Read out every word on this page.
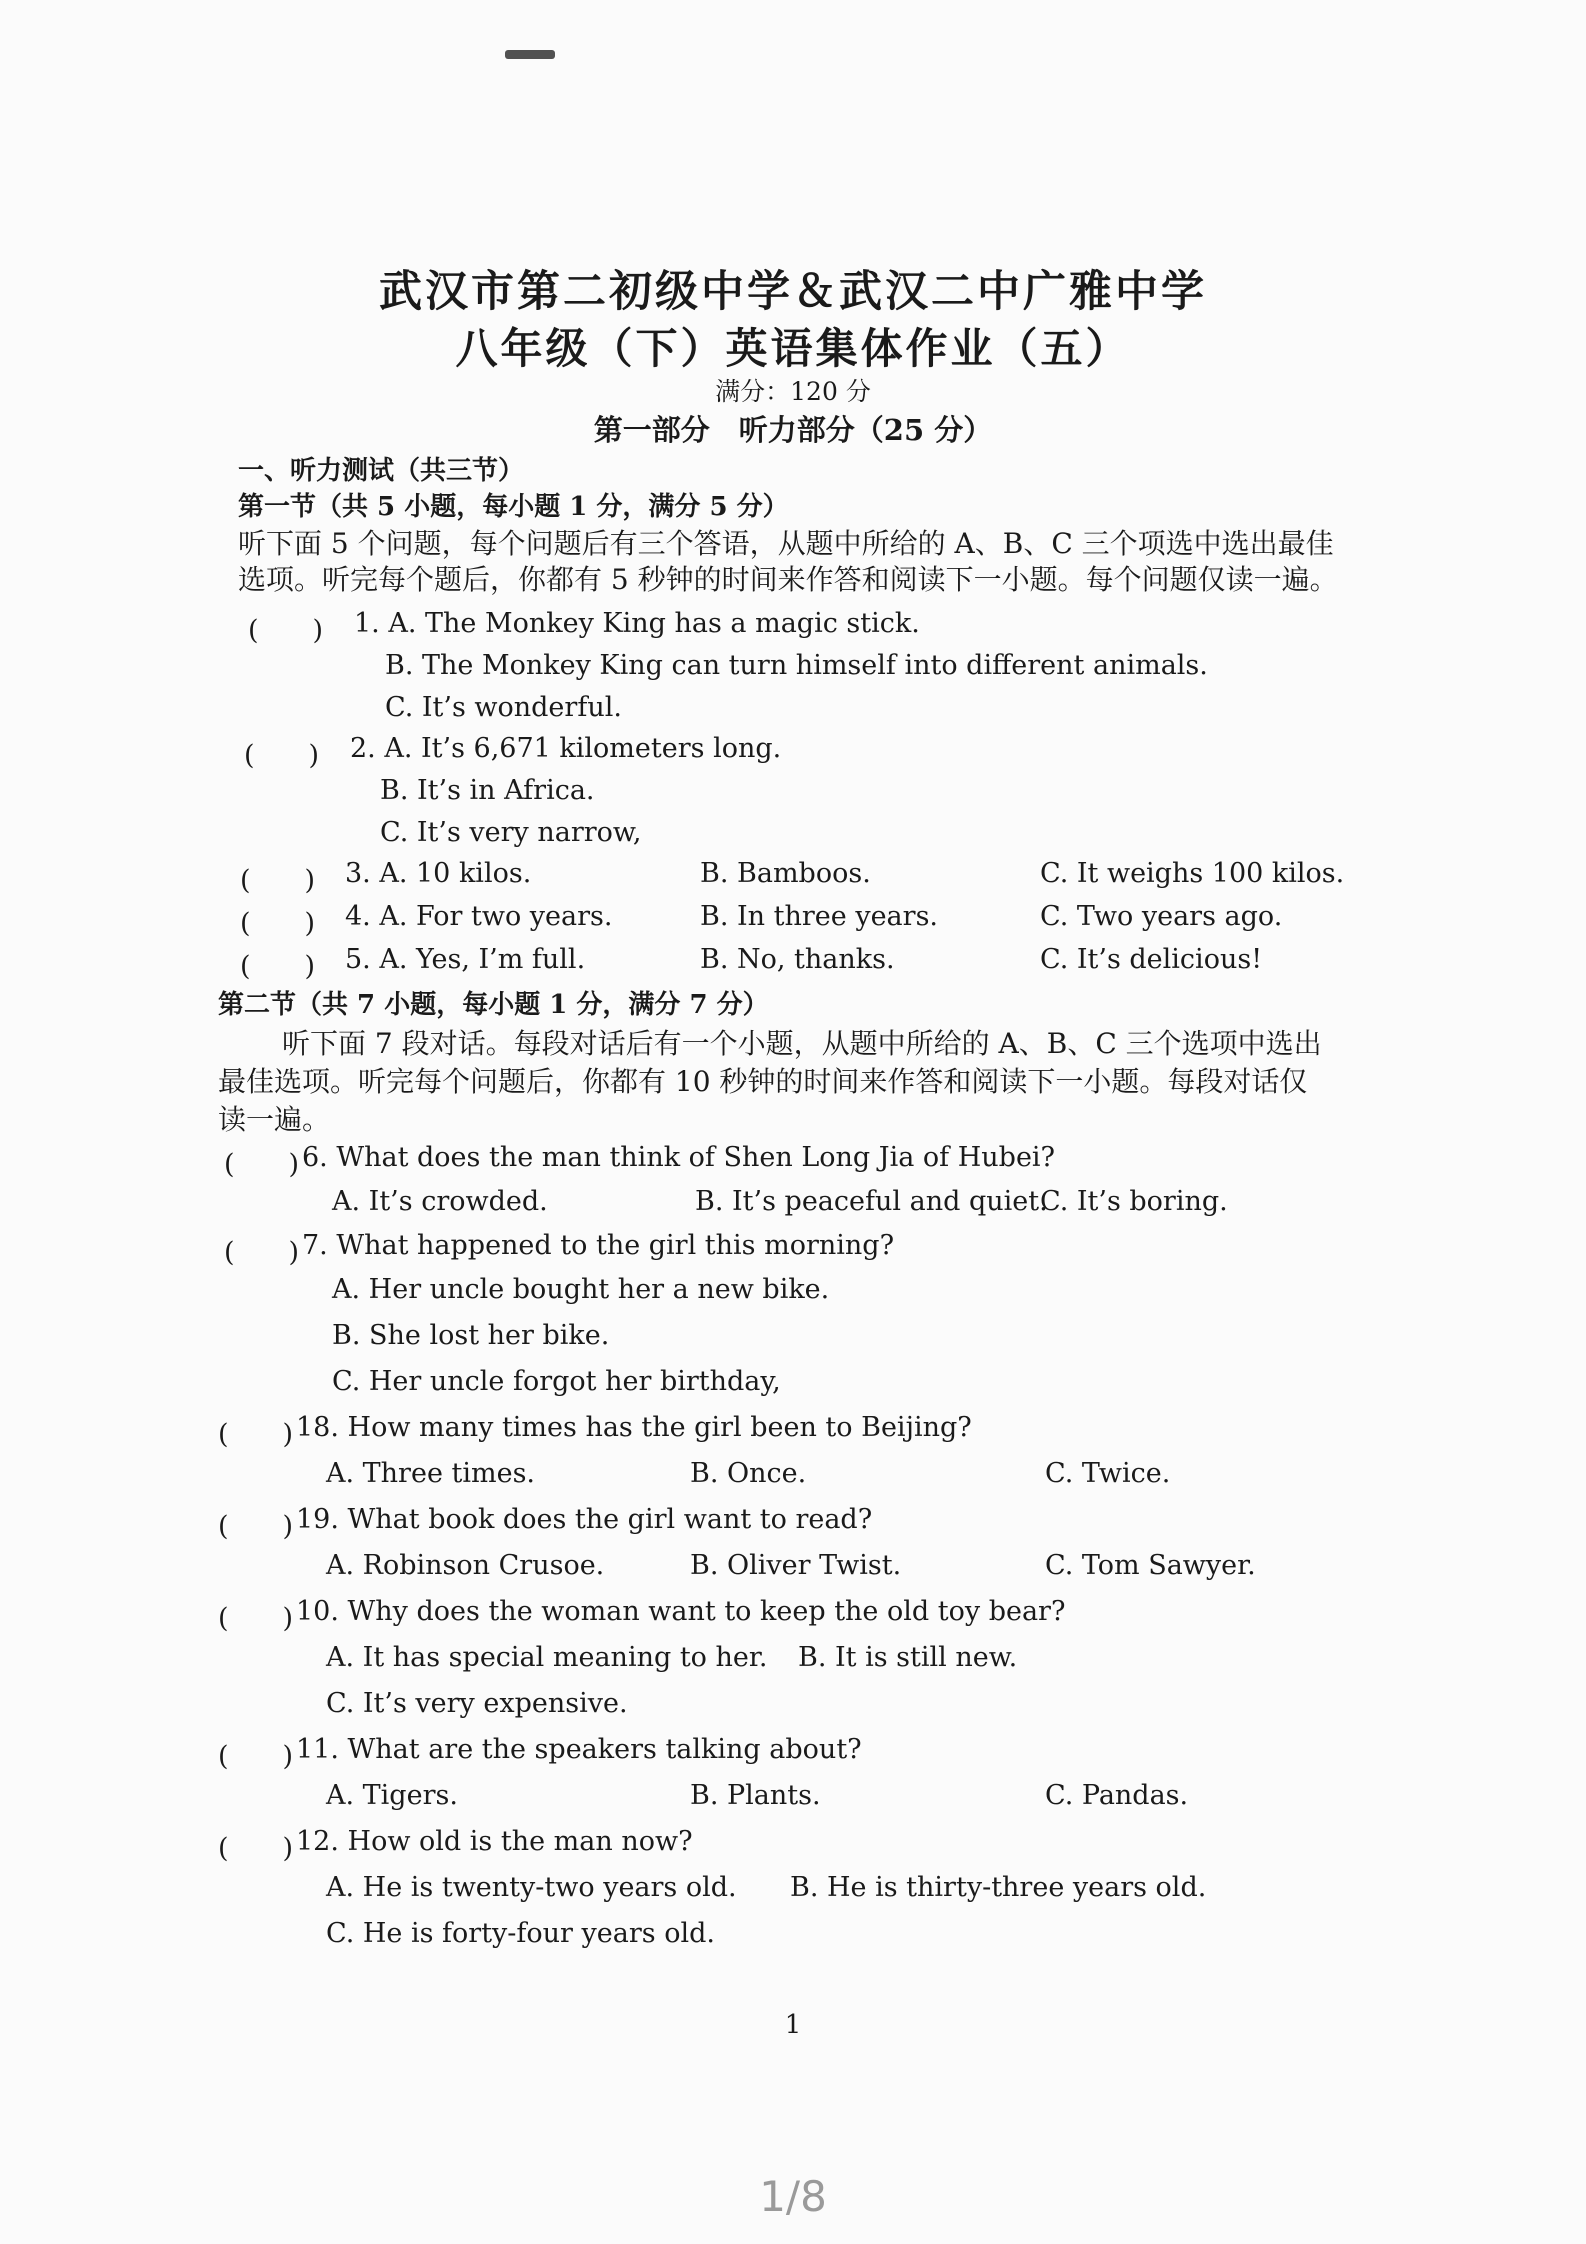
武汉市第二初级中学＆武汉二中广雅中学
八年级（下）英语集体作业（五）
满分：120 分
第一部分　听力部分（25 分）
一、听力测试（共三节）
第一节（共 5 小题，每小题 1 分，满分 5 分）
听下面 5 个问题，每个问题后有三个答语，从题中所给的 A、B、C 三个项选中选出最佳
选项。听完每个题后，你都有 5 秒钟的时间来作答和阅读下一小题。每个问题仅读一遍。
(　　) 1. A. The Monkey King has a magic stick.
B. The Monkey King can turn himself into different animals.
C. It’s wonderful.
(　　) 2. A. It’s 6,671 kilometers long.
B. It’s in Africa.
C. It’s very narrow,
(　　) 3. A. 10 kilos.	B. Bamboos.	C. It weighs 100 kilos.
(　　) 4. A. For two years.	B. In three years.	C. Two years ago.
(　　) 5. A. Yes, I’m full.	B. No, thanks.	C. It’s delicious!
第二节（共 7 小题，每小题 1 分，满分 7 分）
听下面 7 段对话。每段对话后有一个小题，从题中所给的 A、B、C 三个选项中选出
最佳选项。听完每个问题后，你都有 10 秒钟的时间来作答和阅读下一小题。每段对话仅
读一遍。
(　　) 6. What does the man think of Shen Long Jia of Hubei?
A. It’s crowded.	B. It’s peaceful and quiet.
C. It’s boring.
(　　) 7. What happened to the girl this morning?
A. Her uncle bought her a new bike.
B. She lost her bike.
C. Her uncle forgot her birthday,
(　　) 18. How many times has the girl been to Beijing?
A. Three times.	B. Once.	C. Twice.
(　　) 19. What book does the girl want to read?
A. Robinson Crusoe.	B. Oliver Twist.	C. Tom Sawyer.
(　　) 10. Why does the woman want to keep the old toy bear?
A. It has special meaning to her. B. It is still new.
C. It’s very expensive.
(　　) 11. What are the speakers talking about?
A. Tigers.	B. Plants.	C. Pandas.
(　　) 12. How old is the man now?
A. He is twenty-two years old. B. He is thirty-three years old.
C. He is forty-four years old.
1
1/8
